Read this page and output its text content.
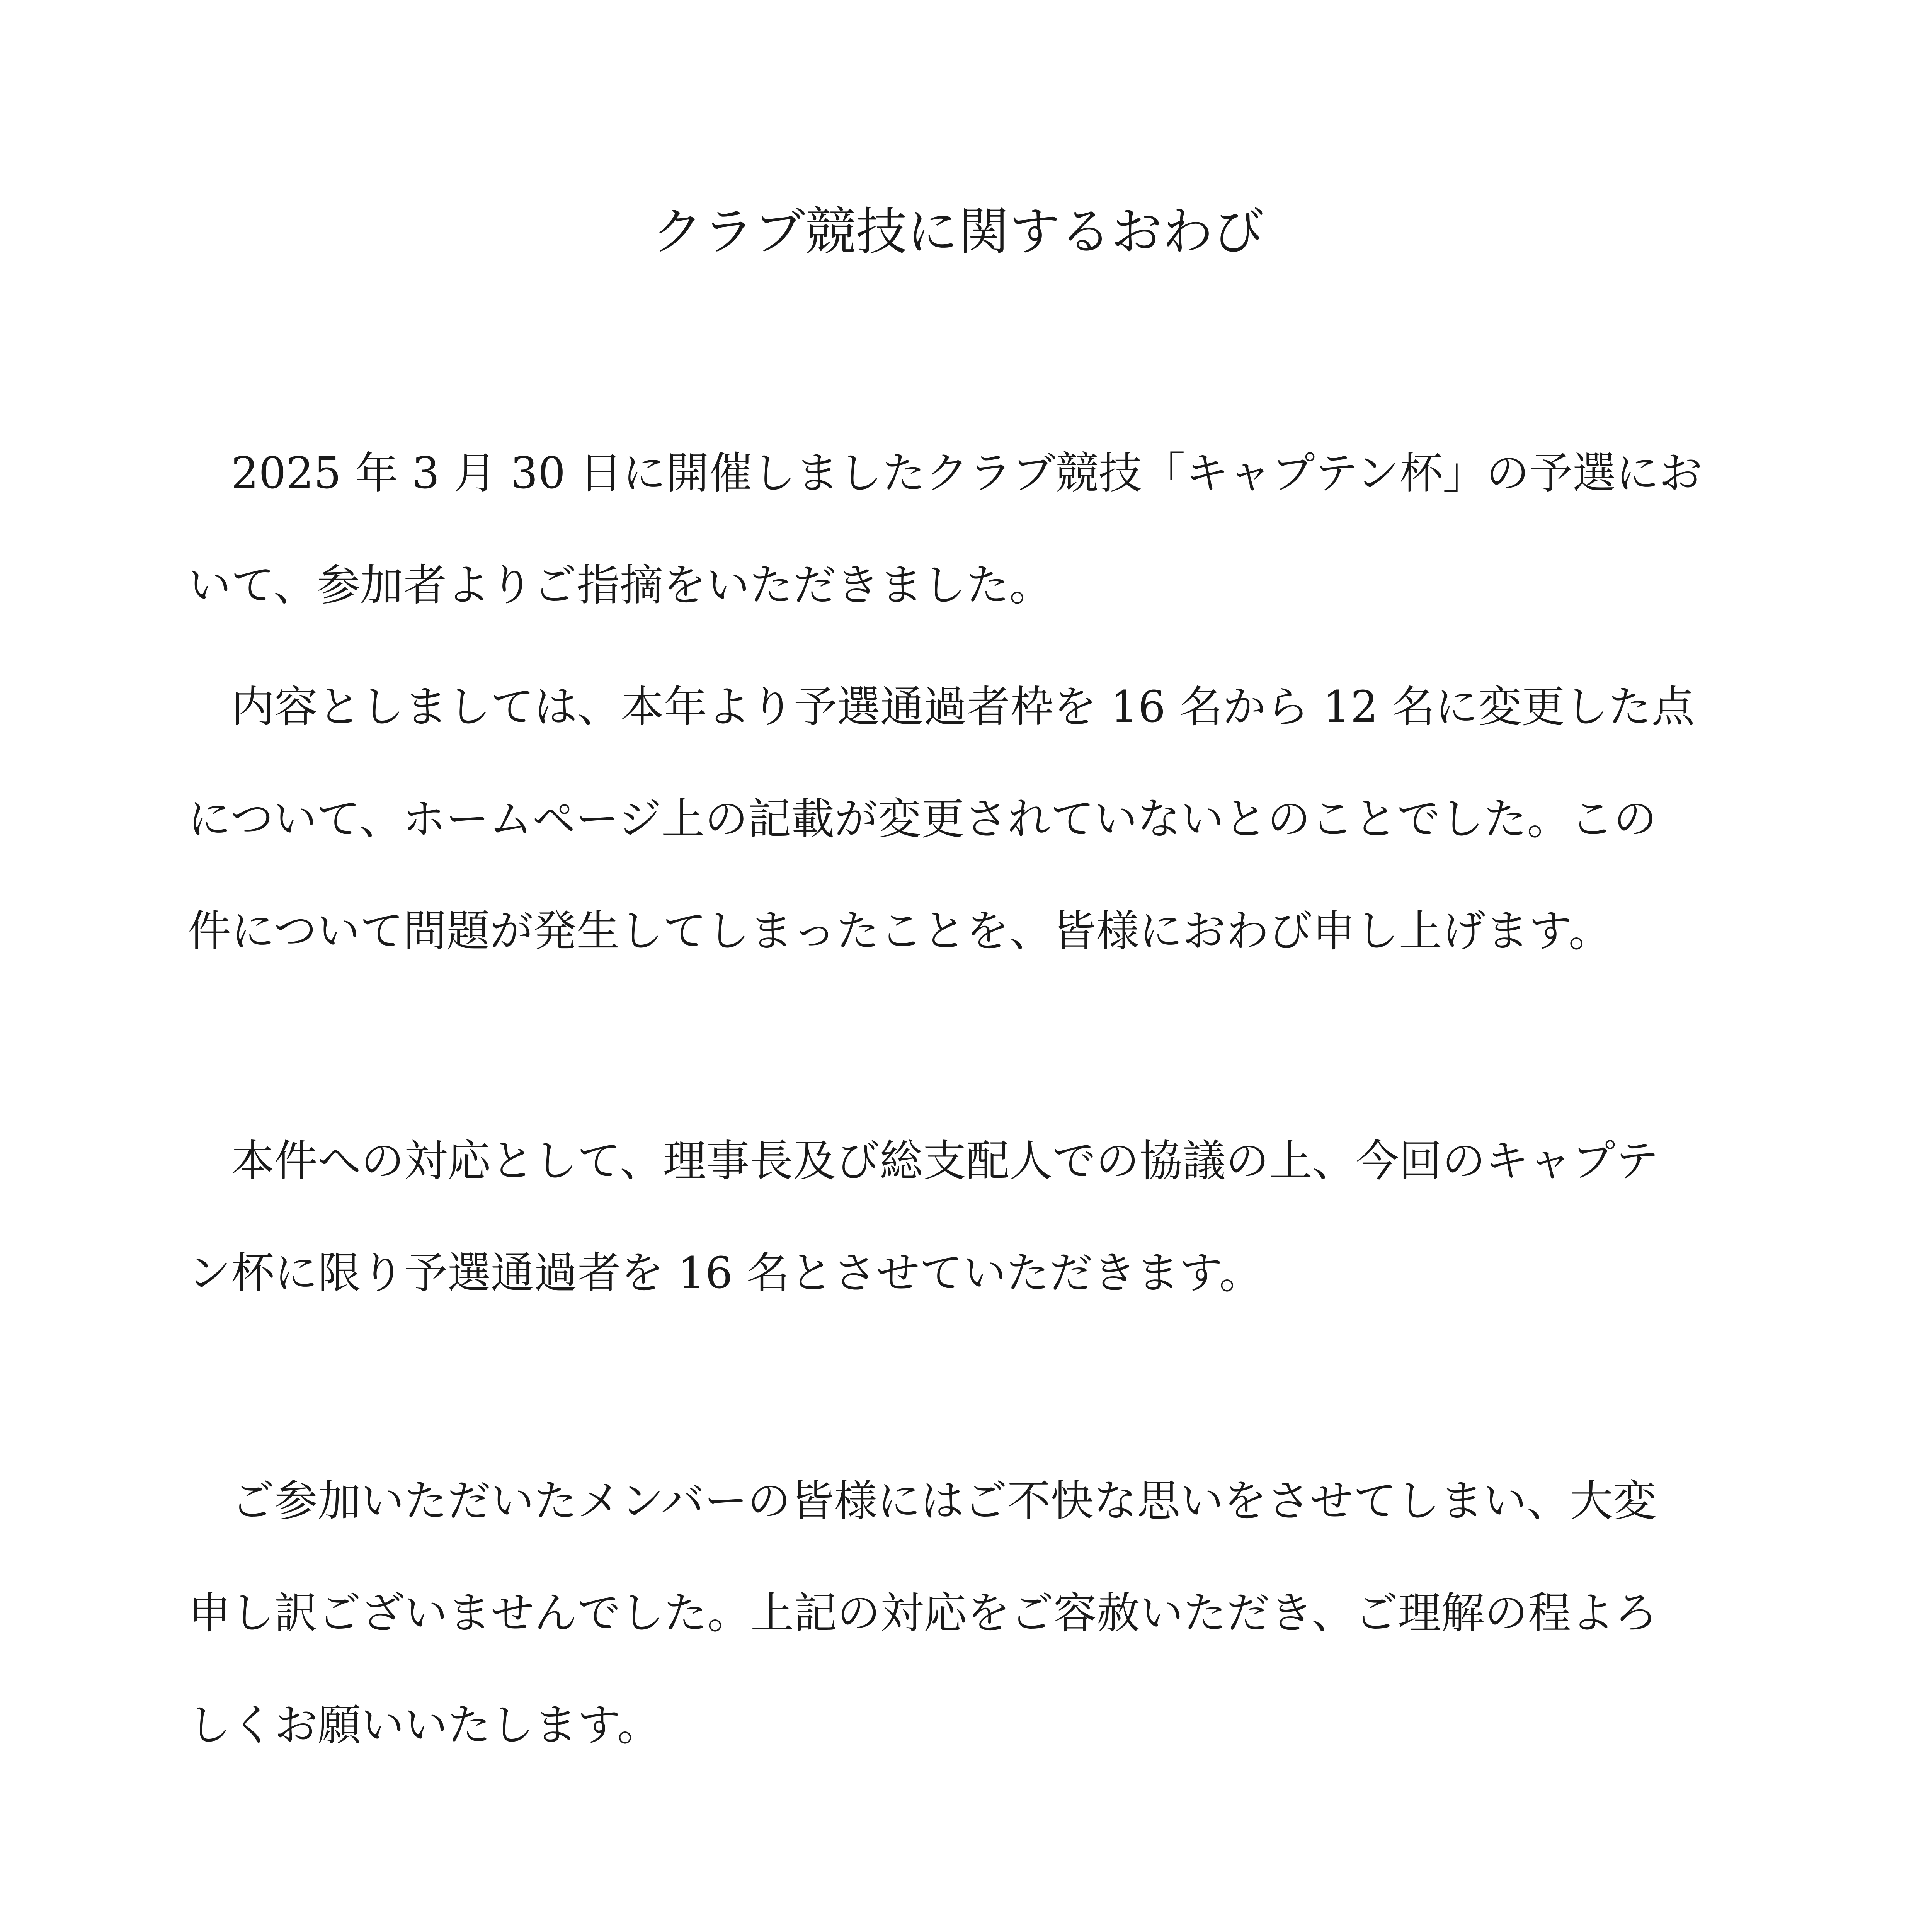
クラブ競技に関するおわび
　2025 年 3 月 30 日に開催しましたクラブ競技「キャプテン杯」の予選にお
いて、参加者よりご指摘をいただきました。
　内容としましては、本年より予選通過者枠を 16 名から 12 名に変更した点
について、ホームページ上の記載が変更されていないとのことでした。この
件について問題が発生してしまったことを、皆様におわび申し上げます。
　本件への対応として、理事長及び総支配人での協議の上、今回のキャプテ
ン杯に限り予選通過者を 16 名とさせていただきます。
　ご参加いただいたメンバーの皆様にはご不快な思いをさせてしまい、大変
申し訳ございませんでした。上記の対応をご容赦いただき、ご理解の程よろ
しくお願いいたします。
